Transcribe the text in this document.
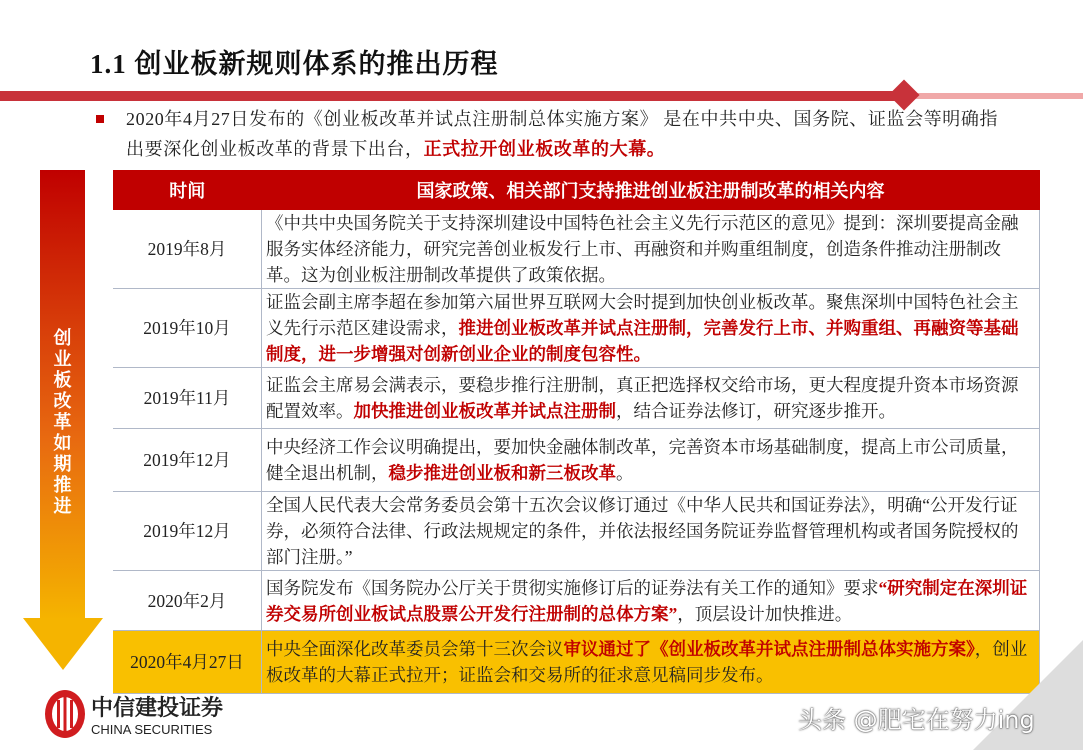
1.1 创业板新规则体系的推出历程
2020年4月27日发布的《创业板改革并试点注册制总体实施方案》 是在中共中央、国务院、证监会等明确指出要深化创业板改革的背景下出台，正式拉开创业板改革的大幕。
创
业
板
改
革
如
期
推
进
时间	国家政策、相关部门支持推进创业板注册制改革的相关内容
2019年8月	《中共中央国务院关于支持深圳建设中国特色社会主义先行示范区的意见》提到：深圳要提高金融服务实体经济能力，研究完善创业板发行上市、再融资和并购重组制度，创造条件推动注册制改革。这为创业板注册制改革提供了政策依据。
2019年10月	证监会副主席李超在参加第六届世界互联网大会时提到加快创业板改革。聚焦深圳中国特色社会主义先行示范区建设需求，推进创业板改革并试点注册制，完善发行上市、并购重组、再融资等基础制度，进一步增强对创新创业企业的制度包容性。
2019年11月	证监会主席易会满表示，要稳步推行注册制，真正把选择权交给市场，更大程度提升资本市场资源配置效率。加快推进创业板改革并试点注册制，结合证券法修订，研究逐步推开。
2019年12月	中央经济工作会议明确提出，要加快金融体制改革，完善资本市场基础制度，提高上市公司质量，健全退出机制，稳步推进创业板和新三板改革。
2019年12月	全国人民代表大会常务委员会第十五次会议修订通过《中华人民共和国证券法》，明确“公开发行证券，必须符合法律、行政法规规定的条件，并依法报经国务院证券监督管理机构或者国务院授权的部门注册。”
2020年2月	国务院发布《国务院办公厅关于贯彻实施修订后的证券法有关工作的通知》要求“研究制定在深圳证券交易所创业板试点股票公开发行注册制的总体方案”，顶层设计加快推进。
2020年4月27日	中央全面深化改革委员会第十三次会议审议通过了《创业板改革并试点注册制总体实施方案》，创业板改革的大幕正式拉开；证监会和交易所的征求意见稿同步发布。
中信建投证券
CHINA SECURITIES	头条 @肥宅在努力ing
